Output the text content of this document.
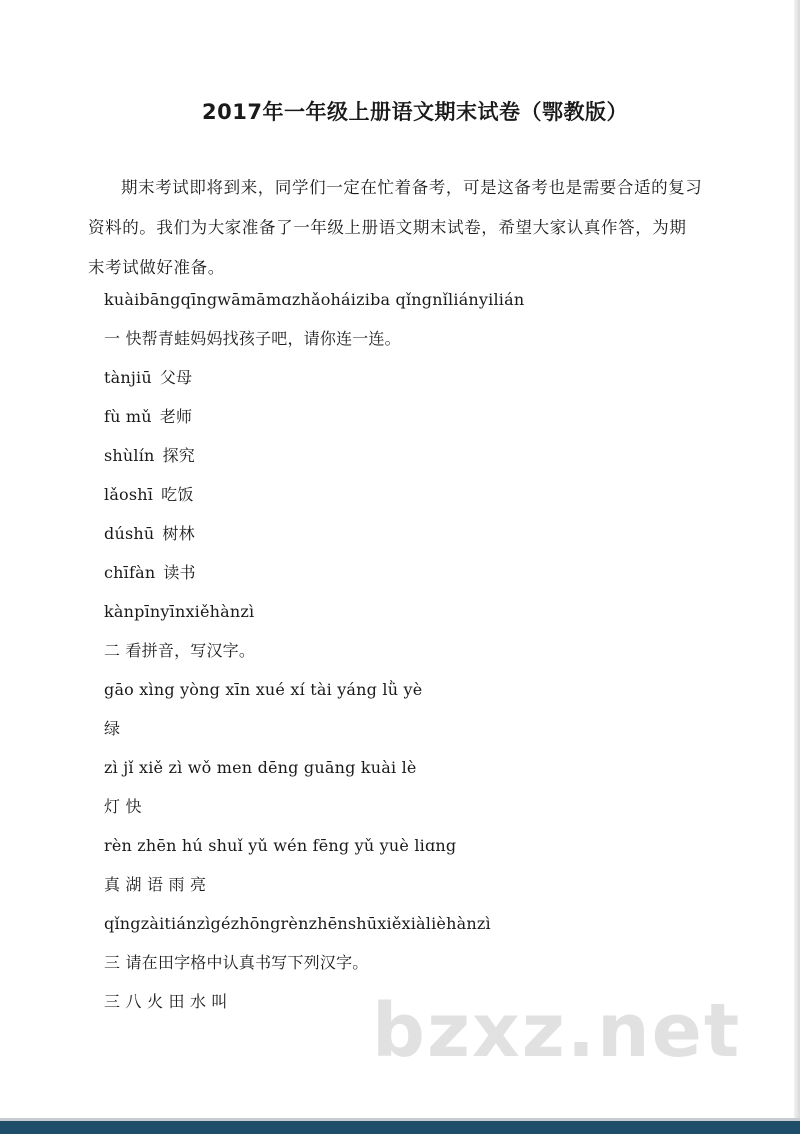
2017年一年级上册语文期末试卷（鄂教版）
期末考试即将到来，同学们一定在忙着备考，可是这备考也是需要合适的复习资料的。我们为大家准备了一年级上册语文期末试卷，希望大家认真作答，为期末考试做好准备。
kuàibāngqīngwāmāmɑzhǎoháiziba qǐngnǐliányilián
一 快帮青蛙妈妈找孩子吧，请你连一连。
tànjiū 父母
fù mǔ 老师
shùlín 探究
lǎoshī 吃饭
dúshū 树林
chīfàn 读书
kànpīnyīnxiěhànzì
二 看拼音，写汉字。
gāo xìng yòng xīn xué xí tài yáng lǜ yè
绿
zì jǐ xiě zì wǒ men dēng guāng kuài lè
灯 快
rèn zhēn hú shuǐ yǔ wén fēng yǔ yuè liɑng
真 湖 语 雨 亮
qǐngzàitiánzìgézhōngrènzhēnshūxiěxiàlièhànzì
三 请在田字格中认真书写下列汉字。
三 八 火 田 水 叫 bzxz.net
